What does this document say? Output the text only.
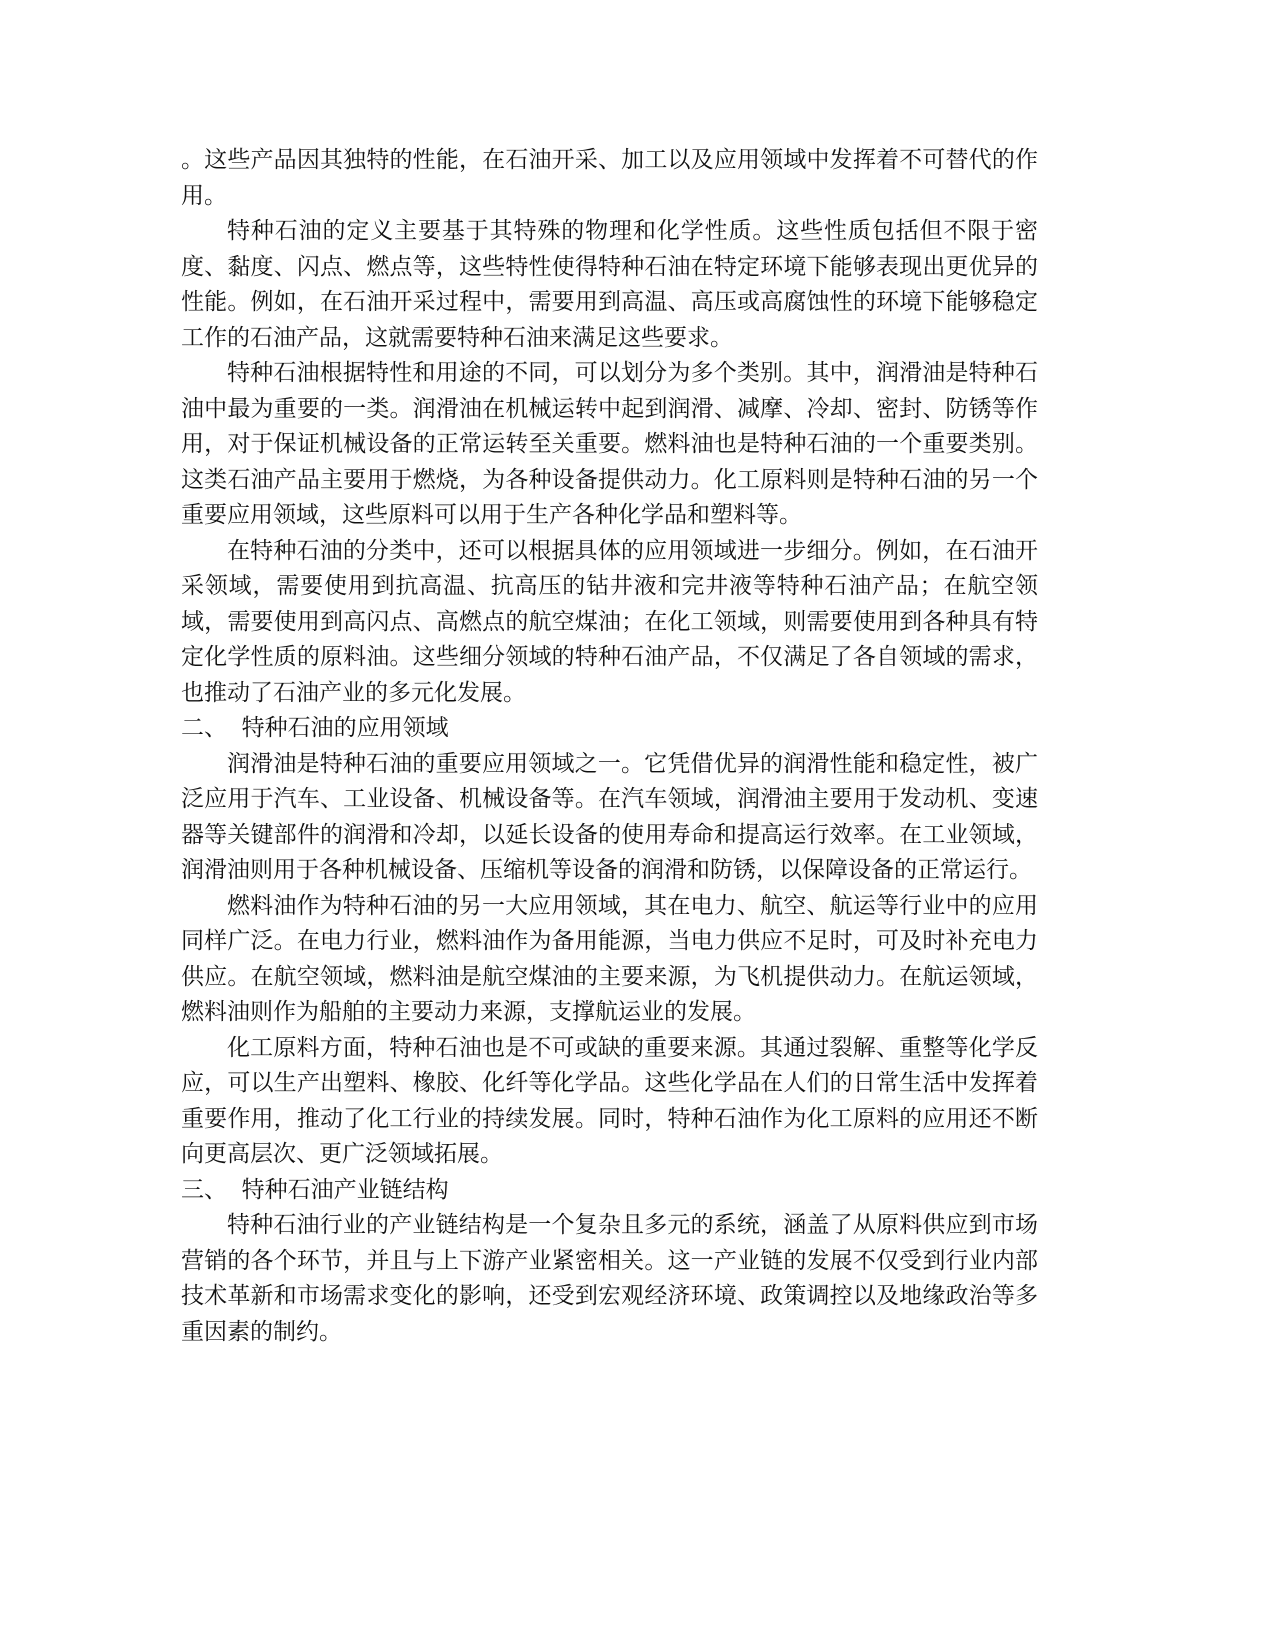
。这些产品因其独特的性能，在石油开采、加工以及应用领域中发挥着不可替代的作用。

特种石油的定义主要基于其特殊的物理和化学性质。这些性质包括但不限于密度、黏度、闪点、燃点等，这些特性使得特种石油在特定环境下能够表现出更优异的性能。例如，在石油开采过程中，需要用到高温、高压或高腐蚀性的环境下能够稳定工作的石油产品，这就需要特种石油来满足这些要求。

特种石油根据特性和用途的不同，可以划分为多个类别。其中，润滑油是特种石油中最为重要的一类。润滑油在机械运转中起到润滑、减摩、冷却、密封、防锈等作用，对于保证机械设备的正常运转至关重要。燃料油也是特种石油的一个重要类别。这类石油产品主要用于燃烧，为各种设备提供动力。化工原料则是特种石油的另一个重要应用领域，这些原料可以用于生产各种化学品和塑料等。

在特种石油的分类中，还可以根据具体的应用领域进一步细分。例如，在石油开采领域，需要使用到抗高温、抗高压的钻井液和完井液等特种石油产品；在航空领域，需要使用到高闪点、高燃点的航空煤油；在化工领域，则需要使用到各种具有特定化学性质的原料油。这些细分领域的特种石油产品，不仅满足了各自领域的需求，也推动了石油产业的多元化发展。

二、  特种石油的应用领域

润滑油是特种石油的重要应用领域之一。它凭借优异的润滑性能和稳定性，被广泛应用于汽车、工业设备、机械设备等。在汽车领域，润滑油主要用于发动机、变速器等关键部件的润滑和冷却，以延长设备的使用寿命和提高运行效率。在工业领域，润滑油则用于各种机械设备、压缩机等设备的润滑和防锈，以保障设备的正常运行。

燃料油作为特种石油的另一大应用领域，其在电力、航空、航运等行业中的应用同样广泛。在电力行业，燃料油作为备用能源，当电力供应不足时，可及时补充电力供应。在航空领域，燃料油是航空煤油的主要来源，为飞机提供动力。在航运领域，燃料油则作为船舶的主要动力来源，支撑航运业的发展。

化工原料方面，特种石油也是不可或缺的重要来源。其通过裂解、重整等化学反应，可以生产出塑料、橡胶、化纤等化学品。这些化学品在人们的日常生活中发挥着重要作用，推动了化工行业的持续发展。同时，特种石油作为化工原料的应用还不断向更高层次、更广泛领域拓展。

三、  特种石油产业链结构

特种石油行业的产业链结构是一个复杂且多元的系统，涵盖了从原料供应到市场营销的各个环节，并且与上下游产业紧密相关。这一产业链的发展不仅受到行业内部技术革新和市场需求变化的影响，还受到宏观经济环境、政策调控以及地缘政治等多重因素的制约。
